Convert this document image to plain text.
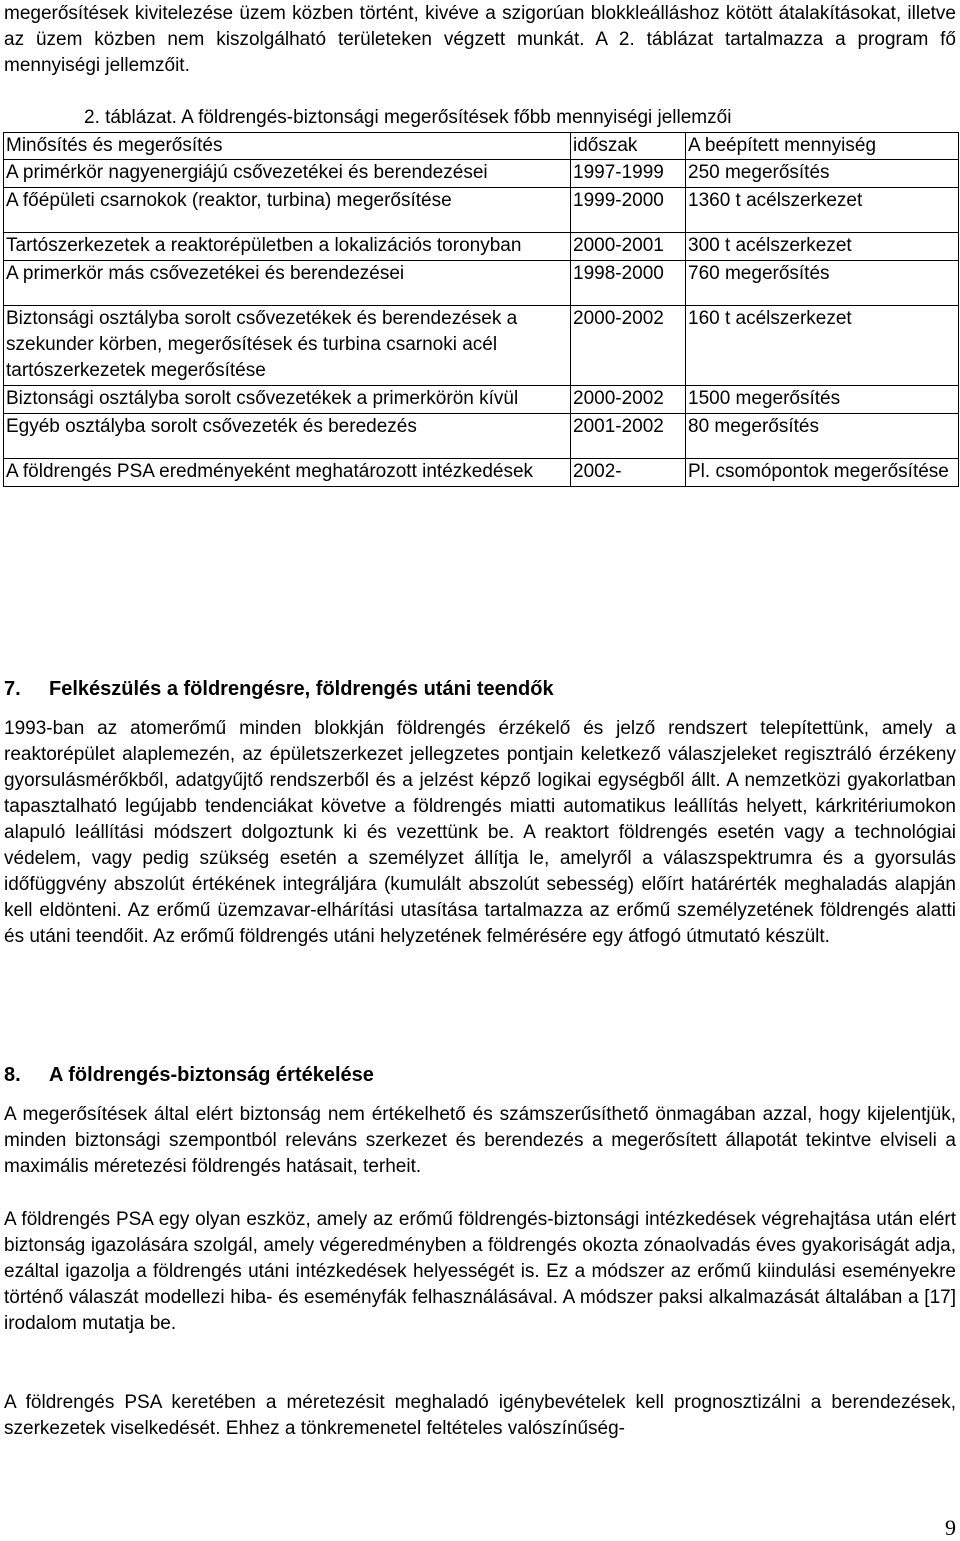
megerősítések kivitelezése üzem közben történt, kivéve a szigorúan blokkleálláshoz kötött átalakításokat, illetve az üzem közben nem kiszolgálható területeken végzett munkát. A 2. táblázat tartalmazza a program fő mennyiségi jellemzőit.

2. táblázat. A földrengés-biztonsági megerősítések főbb mennyiségi jellemzői

Minősítés és megerősítés	időszak	A beépített mennyiség
A primérkör nagyenergiájú csővezetékei és berendezései	1997-1999	250 megerősítés
A főépületi csarnokok (reaktor, turbina) megerősítése	1999-2000	1360 t acélszerkezet
Tartószerkezetek a reaktorépületben a lokalizációs toronyban	2000-2001	300 t acélszerkezet
A primerkör más csővezetékei és berendezései	1998-2000	760 megerősítés
Biztonsági osztályba sorolt csővezetékek és berendezések a szekunder körben, megerősítések és turbina csarnoki acél tartószerkezetek megerősítése	2000-2002	160 t acélszerkezet
Biztonsági osztályba sorolt csővezetékek a primerkörön kívül	2000-2002	1500 megerősítés
Egyéb osztályba sorolt csővezeték és beredezés	2001-2002	80 megerősítés
A földrengés PSA eredményeként meghatározott intézkedések	2002-	Pl. csomópontok megerősítése
7. Felkészülés a földrengésre, földrengés utáni teendők

1993-ban az atomerőmű minden blokkján földrengés érzékelő és jelző rendszert telepítettünk, amely a reaktorépület alaplemezén, az épületszerkezet jellegzetes pontjain keletkező válaszjeleket regisztráló érzékeny gyorsulásmérőkből, adatgyűjtő rendszerből és a jelzést képző logikai egységből állt. A nemzetközi gyakorlatban tapasztalható legújabb tendenciákat követve a földrengés miatti automatikus leállítás helyett, kárkritériumokon alapuló leállítási módszert dolgoztunk ki és vezettünk be. A reaktort földrengés esetén vagy a technológiai védelem, vagy pedig szükség esetén a személyzet állítja le, amelyről a válaszspektrumra és a gyorsulás időfüggvény abszolút értékének integráljára (kumulált abszolút sebesség) előírt határérték meghaladás alapján kell eldönteni. Az erőmű üzemzavar-elhárítási utasítása tartalmazza az erőmű személyzetének földrengés alatti és utáni teendőit. Az erőmű földrengés utáni helyzetének felmérésére egy átfogó útmutató készült.

8. A földrengés-biztonság értékelése

A megerősítések által elért biztonság nem értékelhető és számszerűsíthető önmagában azzal, hogy kijelentjük, minden biztonsági szempontból releváns szerkezet és berendezés a megerősített állapotát tekintve elviseli a maximális méretezési földrengés hatásait, terheit.

A földrengés PSA egy olyan eszköz, amely az erőmű földrengés-biztonsági intézkedések végrehajtása után elért biztonság igazolására szolgál, amely végeredményben a földrengés okozta zónaolvadás éves gyakoriságát adja, ezáltal igazolja a földrengés utáni intézkedések helyességét is. Ez a módszer az erőmű kiindulási eseményekre történő válaszát modellezi hiba- és eseményfák felhasználásával. A módszer paksi alkalmazását általában a [17] irodalom mutatja be.

A földrengés PSA keretében a méretezésit meghaladó igénybevételek kell prognosztizálni a berendezések, szerkezetek viselkedését. Ehhez a tönkremenetel feltételes valószínűség-

9
